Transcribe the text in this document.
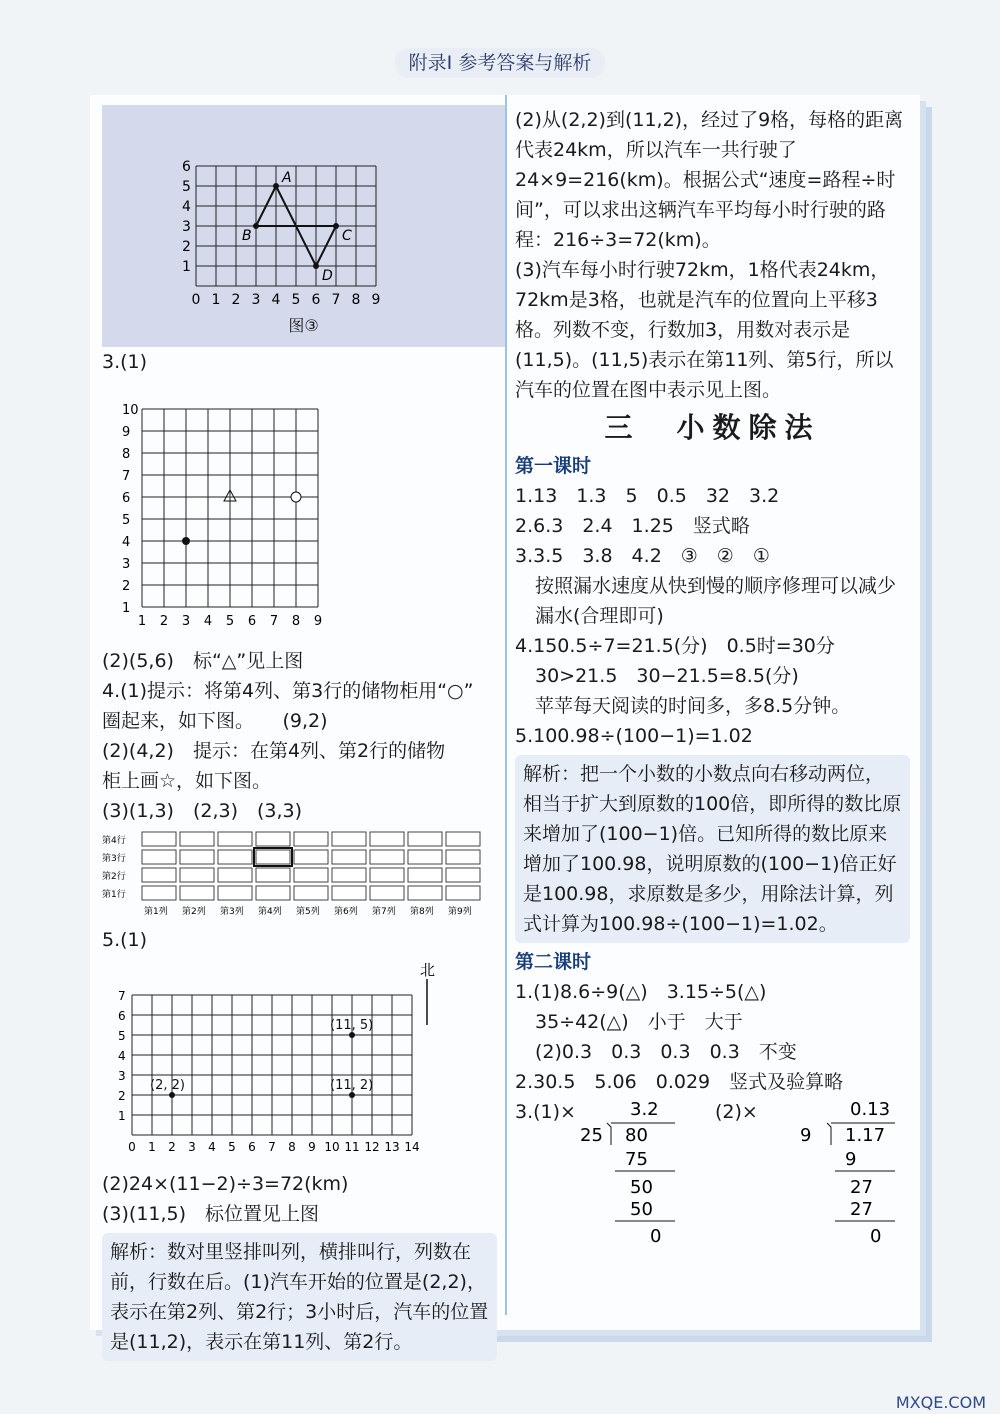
附录Ⅰ 参考答案与解析
0 1 2 3 4 5 6 7 8 9
6
5
4
3
2
1
A
B	C
D
图③
3.(1)
1 2 3 4 5 6 7 8 9
1
2
3
4
5
6
7
8
9
10
(2)(5,6)　标“△”见上图
4.(1)提示：将第4列、第3行的储物柜用“○”
圈起来，如下图。　　(9,2)
(2)(4,2)　提示：在第4列、第2行的储物
柜上画☆，如下图。
(3)(1,3)　(2,3)　(3,3)
第4行
第3行
第2行
第1行
第1列 第2列 第3列 第4列 第5列 第6列 第7列 第8列 第9列
5.(1)
0 1 2 3 4 5 6 7 8 9 10 11 12 13 14
1
2
3
4
5
6
7
(11, 5)
(2, 2)	(11, 2)
北
(2)24×(11−2)÷3=72(km)
(3)(11,5)　标位置见上图
解析：数对里竖排叫列，横排叫行，列数在前，行数在后。(1)汽车开始的位置是(2,2)，表示在第2列、第2行；3小时后，汽车的位置是(11,2)，表示在第11列、第2行。
(2)从(2,2)到(11,2)，经过了9格，每格的距离代表24km，所以汽车一共行驶了24×9=216(km)。根据公式“速度=路程÷时间”，可以求出这辆汽车平均每小时行驶的路程：216÷3=72(km)。
(3)汽车每小时行驶72km，1格代表24km，72km是3格，也就是汽车的位置向上平移3格。列数不变，行数加3，用数对表示是(11,5)。(11,5)表示在第11列、第5行，所以汽车的位置在图中表示见上图。
三　小数除法
第一课时
1.13　1.3　5　0.5　32　3.2
2.6.3　2.4　1.25　竖式略
3.3.5　3.8　4.2　③　②　①
按照漏水速度从快到慢的顺序修理可以减少漏水(合理即可)
4.150.5÷7=21.5(分)　0.5时=30分
30>21.5　30−21.5=8.5(分)
苹苹每天阅读的时间多，多8.5分钟。
5.100.98÷(100−1)=1.02
解析：把一个小数的小数点向右移动两位，相当于扩大到原数的100倍，即所得的数比原来增加了(100−1)倍。已知所得的数比原来增加了100.98，说明原数的(100−1)倍正好是100.98，求原数是多少，用除法计算，列式计算为100.98÷(100−1)=1.02。
第二课时
1.(1)8.6÷9(△)　3.15÷5(△)
35÷42(△)　小于　大于
(2)0.3　0.3　0.3　0.3　不变
2.30.5　5.06　0.029　竖式及验算略
3.(1)×	3.2
25 80
75
50
50
0
(2)×	0.13
9 1.17
9
27
27
0
MXQE.COM
